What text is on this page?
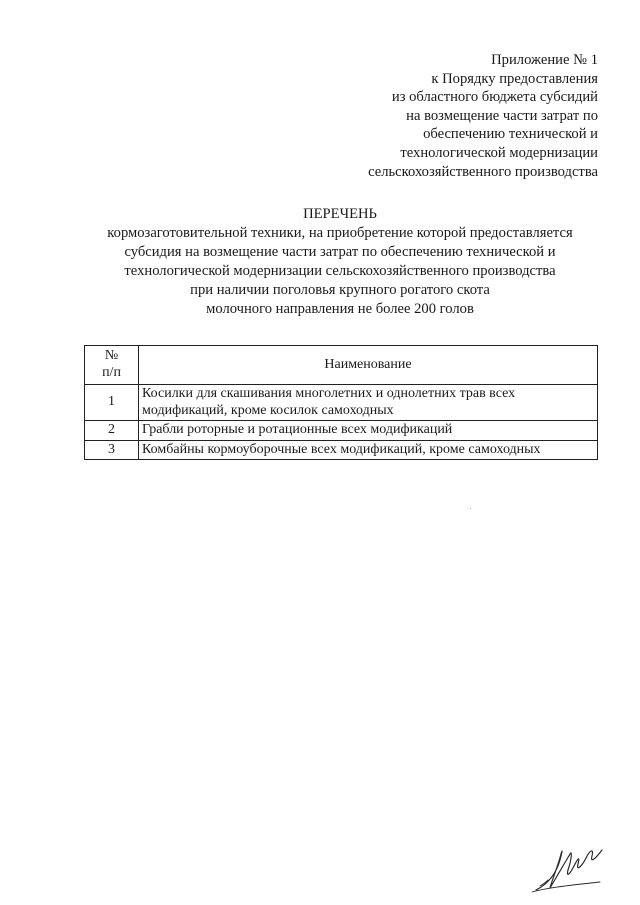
Приложение № 1
к Порядку предоставления
из областного бюджета субсидий
на возмещение части затрат по
обеспечению технической и
технологической модернизации
сельскохозяйственного производства
ПЕРЕЧЕНЬ
кормозаготовительной техники, на приобретение которой предоставляется
субсидия на возмещение части затрат по обеспечению технической и
технологической модернизации сельскохозяйственного производства
при наличии поголовья крупного рогатого скота
молочного направления не более 200 голов
№
п/п	Наименование
1	Косилки для скашивания многолетних и однолетних трав всех
модификаций, кроме косилок самоходных

2	Грабли роторные и ротационные всех модификаций

3	Комбайны кормоуборочные всех модификаций, кроме самоходных
